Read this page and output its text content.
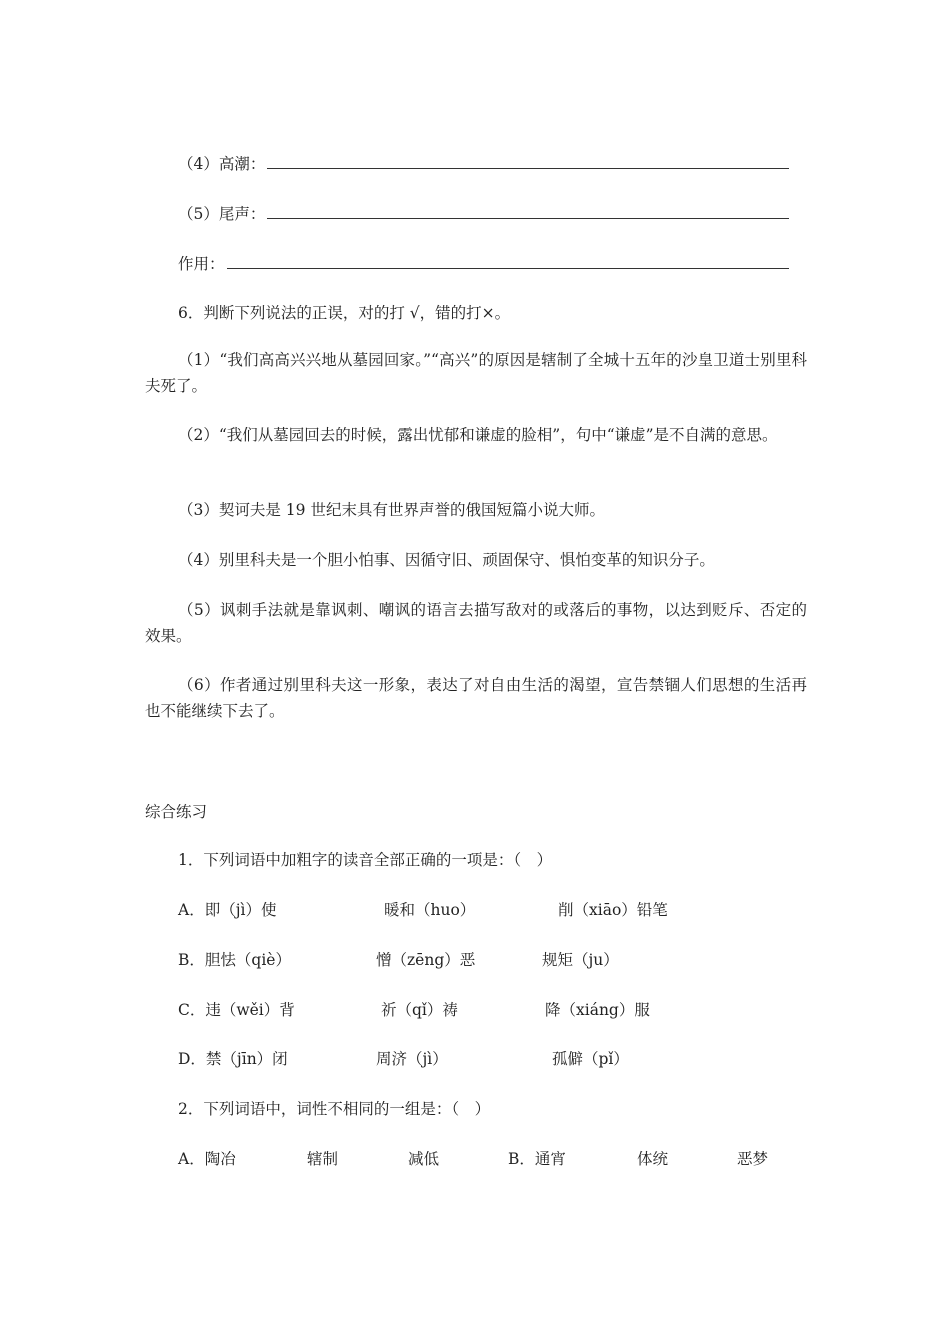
（4）高潮：
（5）尾声：
作用：
6．判断下列说法的正误，对的打 √，错的打×。
（1）“我们高高兴兴地从墓园回家。”“高兴”的原因是辖制了全城十五年的沙皇卫道士别里科夫死了。
（2）“我们从墓园回去的时候，露出忧郁和谦虚的脸相”，句中“谦虚”是不自满的意思。
（3）契诃夫是 19 世纪末具有世界声誉的俄国短篇小说大师。
（4）别里科夫是一个胆小怕事、因循守旧、顽固保守、惧怕变革的知识分子。
（5）讽刺手法就是靠讽刺、嘲讽的语言去描写敌对的或落后的事物，以达到贬斥、否定的效果。
（6）作者通过别里科夫这一形象，表达了对自由生活的渴望，宣告禁锢人们思想的生活再也不能继续下去了。
综合练习
1．下列词语中加粗字的读音全部正确的一项是：（　）
A．即（jì）使	暖和（huo）	削（xiāo）铅笔
B．胆怯（qiè）	憎（zēng）恶	规矩（ju）
C．违（wěi）背	祈（qǐ）祷	降（xiáng）服
D．禁（jīn）闭	周济（jì）	孤僻（pǐ）
2．下列词语中，词性不相同的一组是：（　）
A．陶冶	辖制	减低	B．通宵	体统	恶梦
